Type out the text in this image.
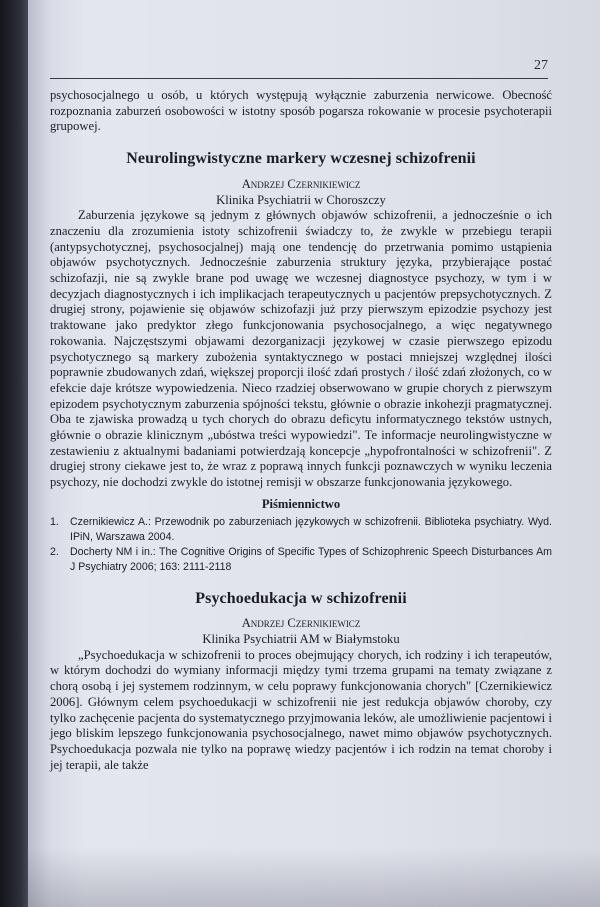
27

psychosocjalnego u osób, u których występują wyłącznie zaburzenia nerwicowe. Obecność rozpoznania zaburzeń osobowości w istotny sposób pogarsza rokowanie w procesie psychoterapii grupowej.

Neurolingwistyczne markery wczesnej schizofrenii

Andrzej Czernikiewicz

Klinika Psychiatrii w Choroszczy

Zaburzenia językowe są jednym z głównych objawów schizofrenii, a jednocześnie o ich znaczeniu dla zrozumienia istoty schizofrenii świadczy to, że zwykle w przebiegu terapii (antypsychotycznej, psychosocjalnej) mają one tendencję do przetrwania pomimo ustąpienia objawów psychotycznych. Jednocześnie zaburzenia struktury języka, przybierające postać schizofazji, nie są zwykle brane pod uwagę we wczesnej diagnostyce psychozy, w tym i w decyzjach diagnostycznych i ich implikacjach terapeutycznych u pacjentów prepsychotycznych. Z drugiej strony, pojawienie się objawów schizofazji już przy pierwszym epizodzie psychozy jest traktowane jako predyktor złego funkcjonowania psychosocjalnego, a więc negatywnego rokowania. Najczęstszymi objawami dezorganizacji językowej w czasie pierwszego epizodu psychotycznego są markery zubożenia syntaktycznego w postaci mniejszej względnej ilości poprawnie zbudowanych zdań, większej proporcji ilość zdań prostych / ilość zdań złożonych, co w efekcie daje krótsze wypowiedzenia. Nieco rzadziej obserwowano w grupie chorych z pierwszym epizodem psychotycznym zaburzenia spójności tekstu, głównie o obrazie inkohezji pragmatycznej. Oba te zjawiska prowadzą u tych chorych do obrazu deficytu informatycznego tekstów ustnych, głównie o obrazie klinicznym „ubóstwa treści wypowiedzi". Te informacje neurolingwistyczne w zestawieniu z aktualnymi badaniami potwierdzają koncepcje „hypofrontalności w schizofrenii". Z drugiej strony ciekawe jest to, że wraz z poprawą innych funkcji poznawczych w wyniku leczenia psychozy, nie dochodzi zwykle do istotnej remisji w obszarze funkcjonowania językowego.

Piśmiennictwo
1. Czernikiewicz A.: Przewodnik po zaburzeniach językowych w schizofrenii. Biblioteka psychiatry. Wyd. IPiN, Warszawa 2004.
2. Docherty NM i in.: The Cognitive Origins of Specific Types of Schizophrenic Speech Disturbances Am J Psychiatry 2006; 163: 2111-2118
Psychoedukacja w schizofrenii

Andrzej Czernikiewicz

Klinika Psychiatrii AM w Białymstoku

„Psychoedukacja w schizofrenii to proces obejmujący chorych, ich rodziny i ich terapeutów, w którym dochodzi do wymiany informacji między tymi trzema grupami na tematy związane z chorą osobą i jej systemem rodzinnym, w celu poprawy funkcjonowania chorych" [Czernikiewicz 2006]. Głównym celem psychoedukacji w schizofrenii nie jest redukcja objawów choroby, czy tylko zachęcenie pacjenta do systematycznego przyjmowania leków, ale umożliwienie pacjentowi i jego bliskim lepszego funkcjonowania psychosocjalnego, nawet mimo objawów psychotycznych. Psychoedukacja pozwala nie tylko na poprawę wiedzy pacjentów i ich rodzin na temat choroby i jej terapii, ale także
